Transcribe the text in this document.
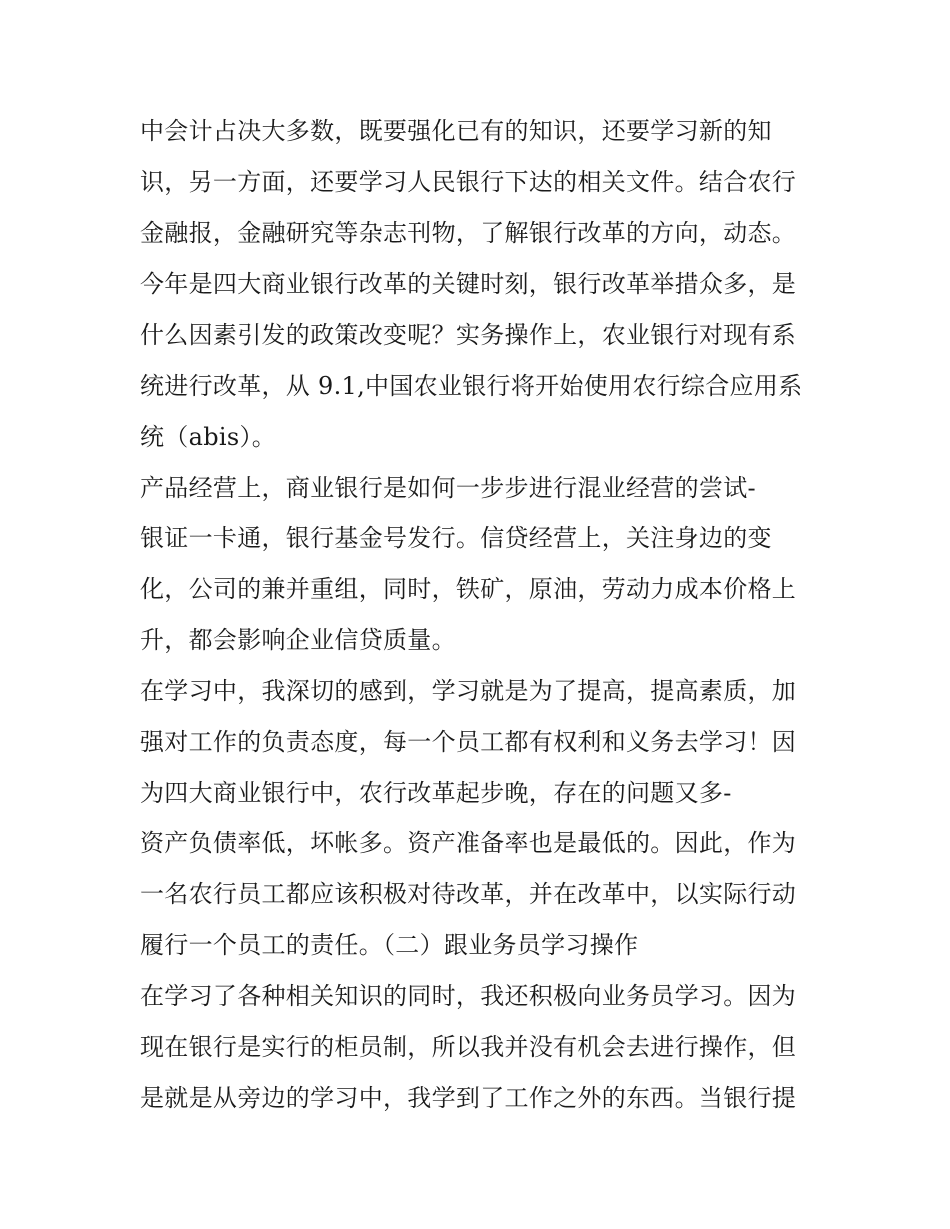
中会计占决大多数，既要强化已有的知识，还要学习新的知
识，另一方面，还要学习人民银行下达的相关文件。结合农行
金融报，金融研究等杂志刊物，了解银行改革的方向，动态。
今年是四大商业银行改革的关键时刻，银行改革举措众多，是
什么因素引发的政策改变呢？实务操作上，农业银行对现有系
统进行改革，从 9.1,中国农业银行将开始使用农行综合应用系
统（abis）。
产品经营上，商业银行是如何一步步进行混业经营的尝试-
银证一卡通，银行基金号发行。信贷经营上，关注身边的变
化，公司的兼并重组，同时，铁矿，原油，劳动力成本价格上
升，都会影响企业信贷质量。
在学习中，我深切的感到，学习就是为了提高，提高素质，加
强对工作的负责态度，每一个员工都有权利和义务去学习！因
为四大商业银行中，农行改革起步晚，存在的问题又多-
资产负债率低，坏帐多。资产准备率也是最低的。因此，作为
一名农行员工都应该积极对待改革，并在改革中，以实际行动
履行一个员工的责任。（二）跟业务员学习操作
在学习了各种相关知识的同时，我还积极向业务员学习。因为
现在银行是实行的柜员制，所以我并没有机会去进行操作，但
是就是从旁边的学习中，我学到了工作之外的东西。当银行提
